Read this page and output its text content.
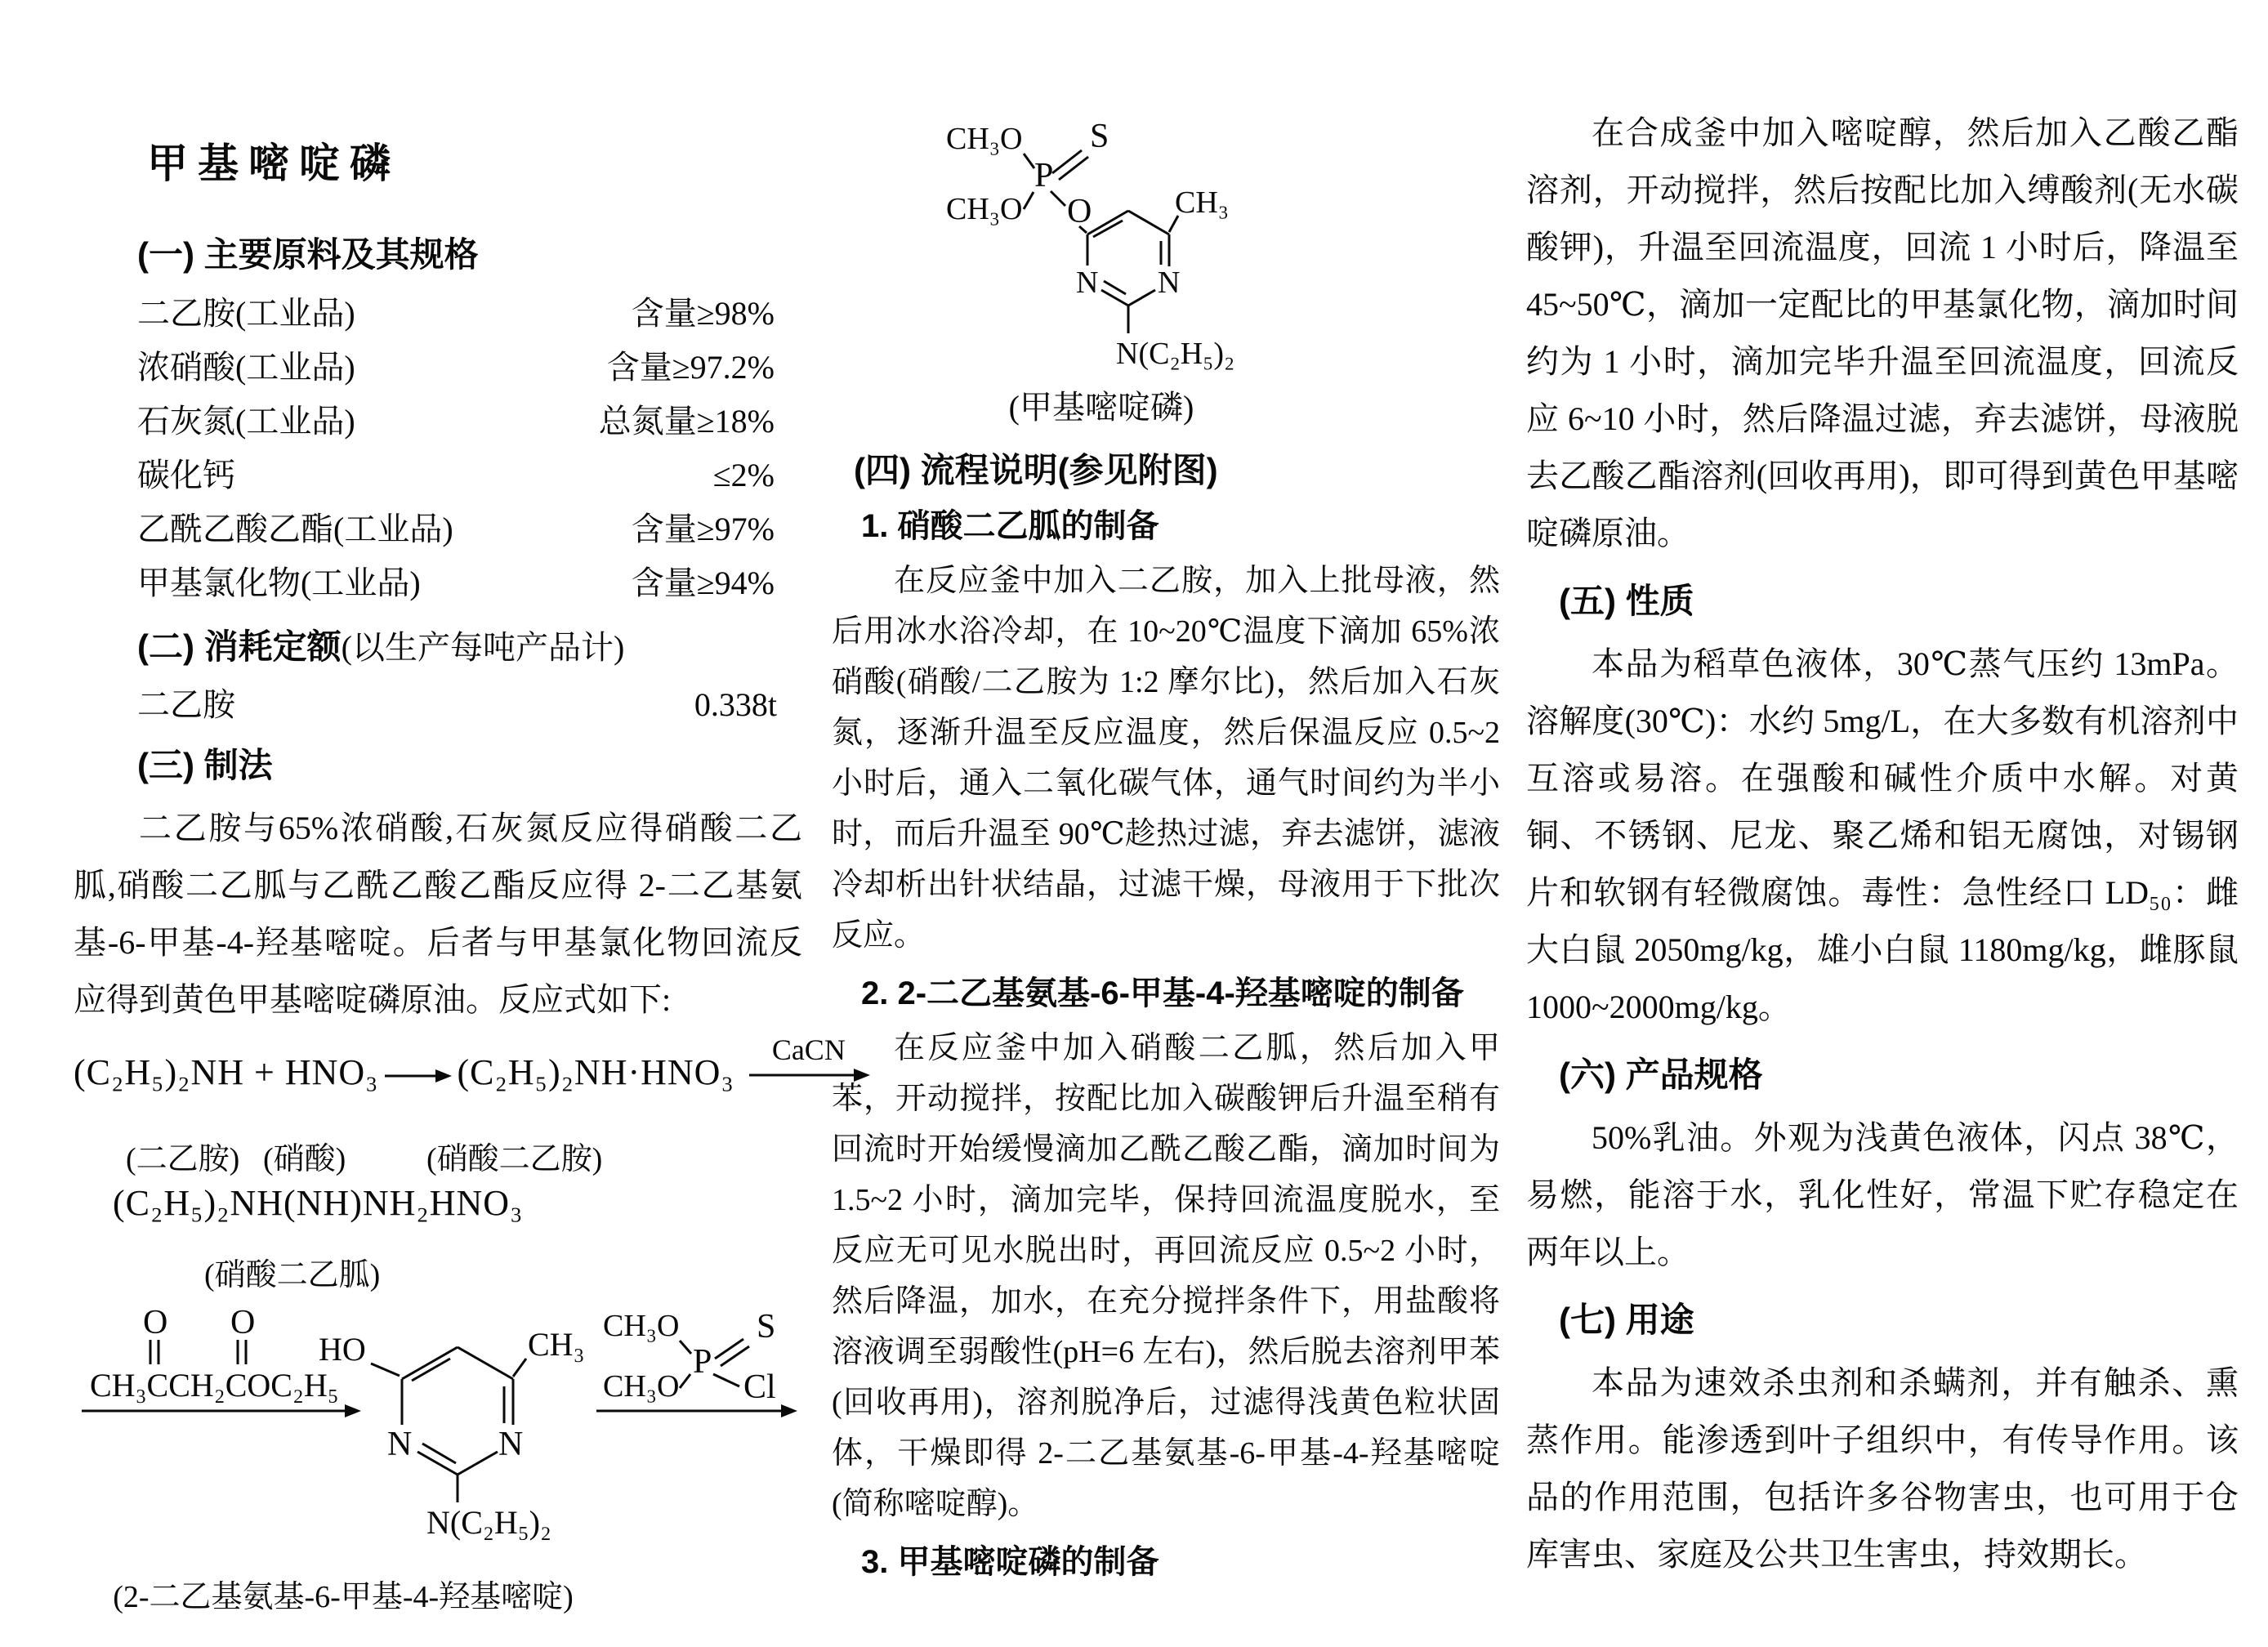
甲基嘧啶磷
(一) 主要原料及其规格
二乙胺(工业品)	含量≥98%
浓硝酸(工业品)	含量≥97.2%
石灰氮(工业品)	总氮量≥18%
碳化钙	≤2%
乙酰乙酸乙酯(工业品)	含量≥97%
甲基氯化物(工业品)	含量≥94%
(二) 消耗定额(以生产每吨产品计)
二乙胺	0.338t
(三) 制法

二乙胺与65%浓硝酸,石灰氮反应得硝酸二乙胍,硝酸二乙胍与乙酰乙酸乙酯反应得 2-二乙基氨基-6-甲基-4-羟基嘧啶。后者与甲基氯化物回流反应得到黄色甲基嘧啶磷原油。反应式如下:

(C₂H₅)₂NH + HNO₃ → (C₂H₅)₂NH·HNO₃
CaCN
(二乙胺) (硝酸)	(硝酸二乙胺)
(C₂H₅)₂NH(NH)NH₂HNO₃
(硝酸二乙胍)
O O
CH₃CCH₂COC₂H₅
N	N
HO	CH₃
N(C₂H₅)₂
CH₃O S
P
CH₃O Cl
(2-二乙基氨基-6-甲基-4-羟基嘧啶)
CH₃O S
P
CH₃O O
N N
CH₃
N(C₂H₅)₂
(甲基嘧啶磷)
(四) 流程说明(参见附图)
1. 硝酸二乙胍的制备

在反应釜中加入二乙胺，加入上批母液，然后用冰水浴冷却，在 10~20℃温度下滴加 65%浓硝酸(硝酸/二乙胺为 1:2 摩尔比)，然后加入石灰氮，逐渐升温至反应温度，然后保温反应 0.5~2 小时后，通入二氧化碳气体，通气时间约为半小时，而后升温至 90℃趁热过滤，弃去滤饼，滤液冷却析出针状结晶，过滤干燥，母液用于下批次反应。

2. 2-二乙基氨基-6-甲基-4-羟基嘧啶的制备

在反应釜中加入硝酸二乙胍，然后加入甲苯，开动搅拌，按配比加入碳酸钾后升温至稍有回流时开始缓慢滴加乙酰乙酸乙酯，滴加时间为 1.5~2 小时，滴加完毕，保持回流温度脱水，至反应无可见水脱出时，再回流反应 0.5~2 小时，然后降温，加水，在充分搅拌条件下，用盐酸将溶液调至弱酸性(pH=6 左右)，然后脱去溶剂甲苯(回收再用)，溶剂脱净后，过滤得浅黄色粒状固体，干燥即得 2-二乙基氨基-6-甲基-4-羟基嘧啶(简称嘧啶醇)。

3. 甲基嘧啶磷的制备

在合成釜中加入嘧啶醇，然后加入乙酸乙酯溶剂，开动搅拌，然后按配比加入缚酸剂(无水碳酸钾)，升温至回流温度，回流 1 小时后，降温至 45~50℃，滴加一定配比的甲基氯化物，滴加时间约为 1 小时，滴加完毕升温至回流温度，回流反应 6~10 小时，然后降温过滤，弃去滤饼，母液脱去乙酸乙酯溶剂(回收再用)，即可得到黄色甲基嘧啶磷原油。

(五) 性质

本品为稻草色液体，30℃蒸气压约 13mPa。溶解度(30℃)：水约 5mg/L，在大多数有机溶剂中互溶或易溶。在强酸和碱性介质中水解。对黄铜、不锈钢、尼龙、聚乙烯和铝无腐蚀，对锡钢片和软钢有轻微腐蚀。毒性：急性经口 LD₅₀：雌大白鼠 2050mg/kg，雄小白鼠 1180mg/kg，雌豚鼠1000~2000mg/kg。

(六) 产品规格

50%乳油。外观为浅黄色液体，闪点 38℃，易燃，能溶于水，乳化性好，常温下贮存稳定在两年以上。

(七) 用途

本品为速效杀虫剂和杀螨剂，并有触杀、熏蒸作用。能渗透到叶子组织中，有传导作用。该品的作用范围，包括许多谷物害虫，也可用于仓库害虫、家庭及公共卫生害虫，持效期长。
